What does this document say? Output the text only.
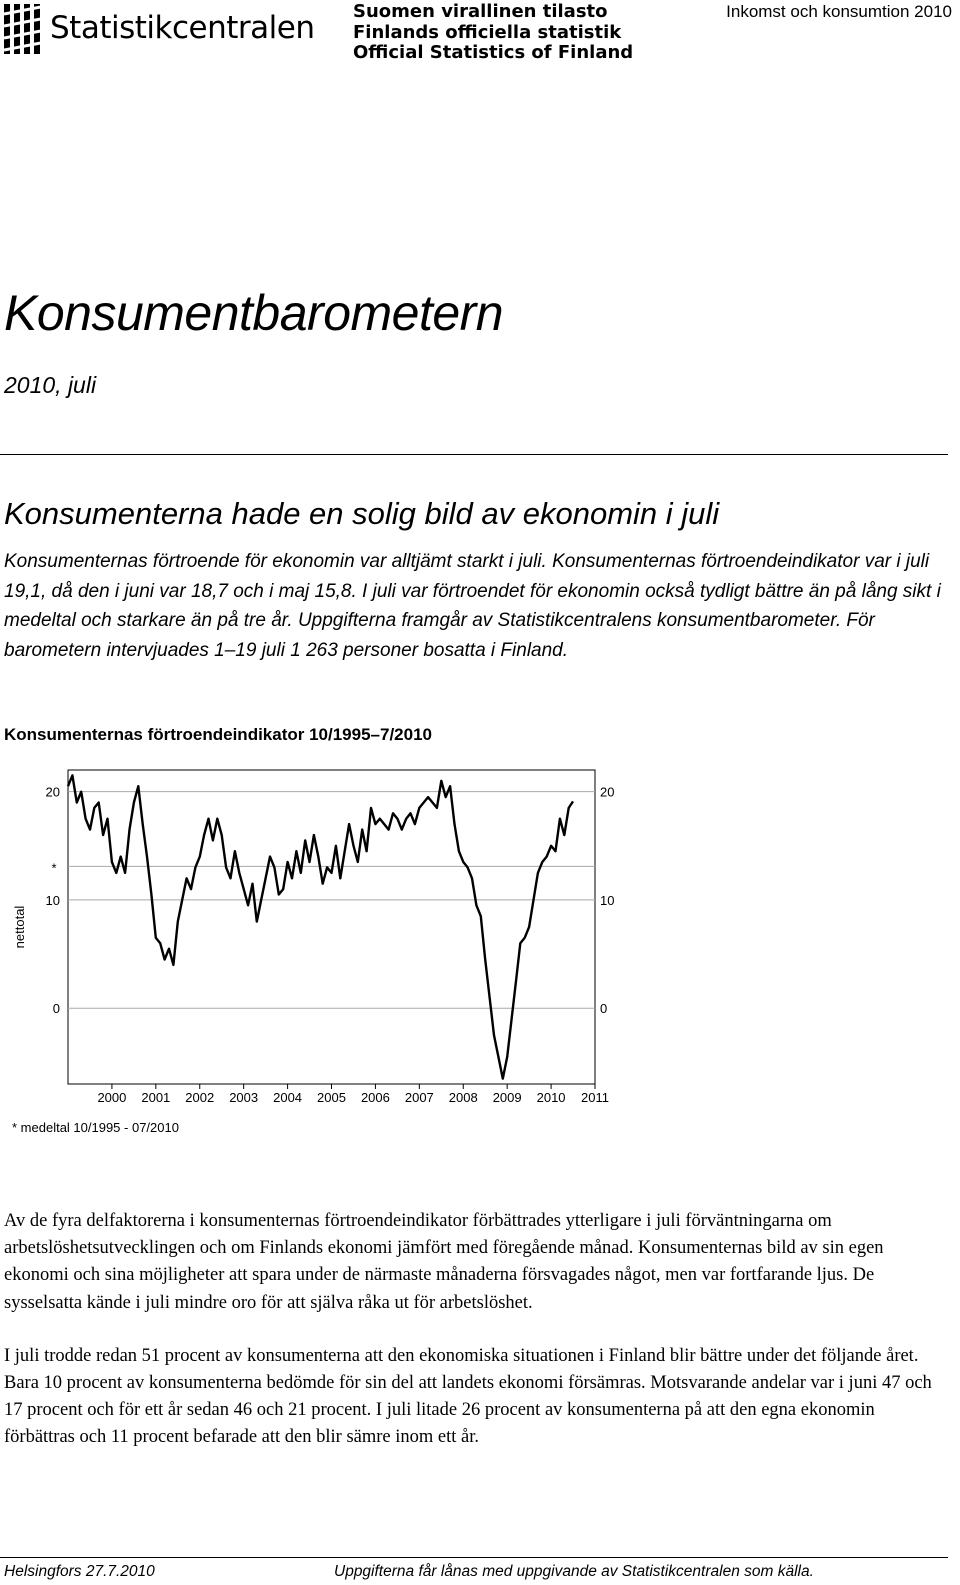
Statistikcentralen Suomen virallinen tilasto
Finlands officiella statistik
Official Statistics of Finland
Inkomst och konsumtion 2010
Konsumentbarometern
2010, juli
Konsumenterna hade en solig bild av ekonomin i juli
Konsumenternas förtroende för ekonomin var alltjämt starkt i juli. Konsumenternas förtroendeindikator var i juli 19,1, då den i juni var 18,7 och i maj 15,8. I juli var förtroendet för ekonomin också tydligt bättre än på lång sikt i medeltal och starkare än på tre år. Uppgifterna framgår av Statistikcentralens konsumentbarometer. För barometern intervjuades 1–19 juli 1 263 personer bosatta i Finland.
Konsumenternas förtroendeindikator 10/1995–7/2010
20	20
10	10
0	0
*
nettotal
2000 2001 2002 2003 2004 2005 2006 2007 2008 2009 2010 2011
* medeltal 10/1995 - 07/2010

Av de fyra delfaktorerna i konsumenternas förtroendeindikator förbättrades ytterligare i juli förväntningarna om arbetslöshetsutvecklingen och om Finlands ekonomi jämfört med föregående månad. Konsumenternas bild av sin egen ekonomi och sina möjligheter att spara under de närmaste månaderna försvagades något, men var fortfarande ljus. De sysselsatta kände i juli mindre oro för att själva råka ut för arbetslöshet.

I juli trodde redan 51 procent av konsumenterna att den ekonomiska situationen i Finland blir bättre under det följande året. Bara 10 procent av konsumenterna bedömde för sin del att landets ekonomi försämras. Motsvarande andelar var i juni 47 och 17 procent och för ett år sedan 46 och 21 procent. I juli litade 26 procent av konsumenterna på att den egna ekonomin förbättras och 11 procent befarade att den blir sämre inom ett år.

Helsingfors 27.7.2010	Uppgifterna får lånas med uppgivande av Statistikcentralen som källa.
